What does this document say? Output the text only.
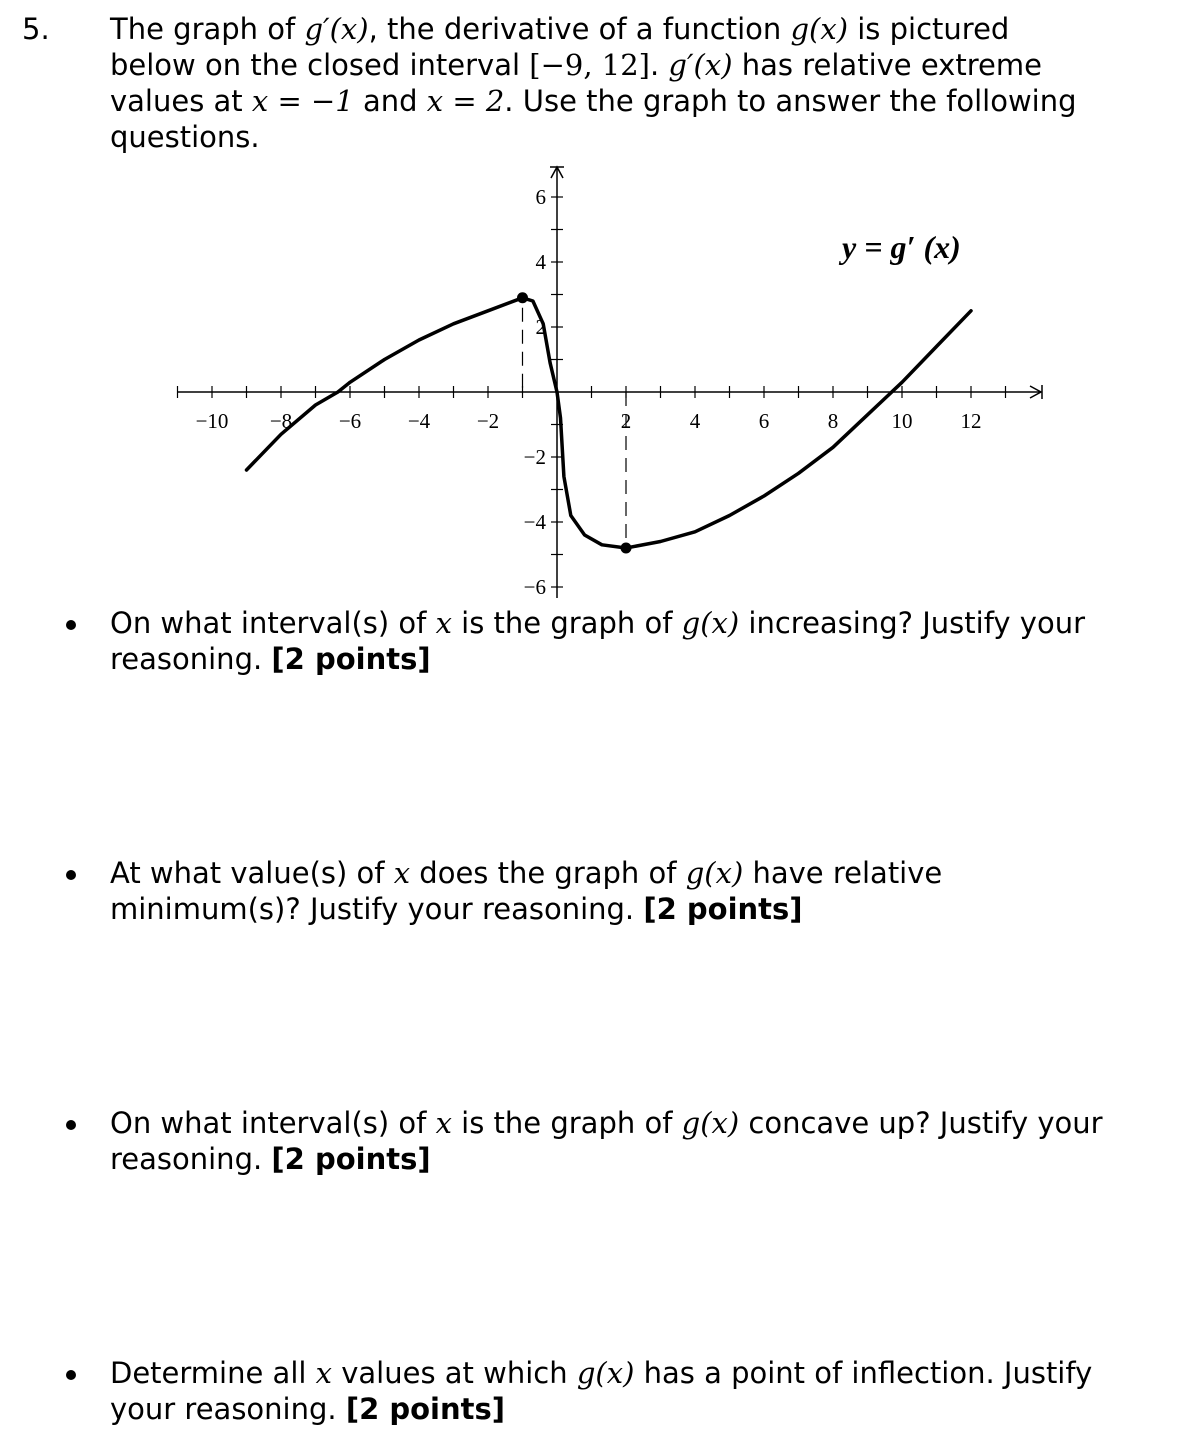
5. The graph of g′(x), the derivative of a function g(x) is pictured
below on the closed interval [−9, 12]. g′(x) has relative extreme
values at x = −1 and x = 2. Use the graph to answer the following
questions.
−10 −8 −6 −4 −2	2	4	6	8	10 12
6
4
2
−2
−4
−6
y = g′ (x)
On what interval(s) of x is the graph of g(x) increasing? Justify your
reasoning. [2 points]
At what value(s) of x does the graph of g(x) have relative
minimum(s)? Justify your reasoning. [2 points]
On what interval(s) of x is the graph of g(x) concave up? Justify your
reasoning. [2 points]
Determine all x values at which g(x) has a point of inflection. Justify
your reasoning. [2 points]
